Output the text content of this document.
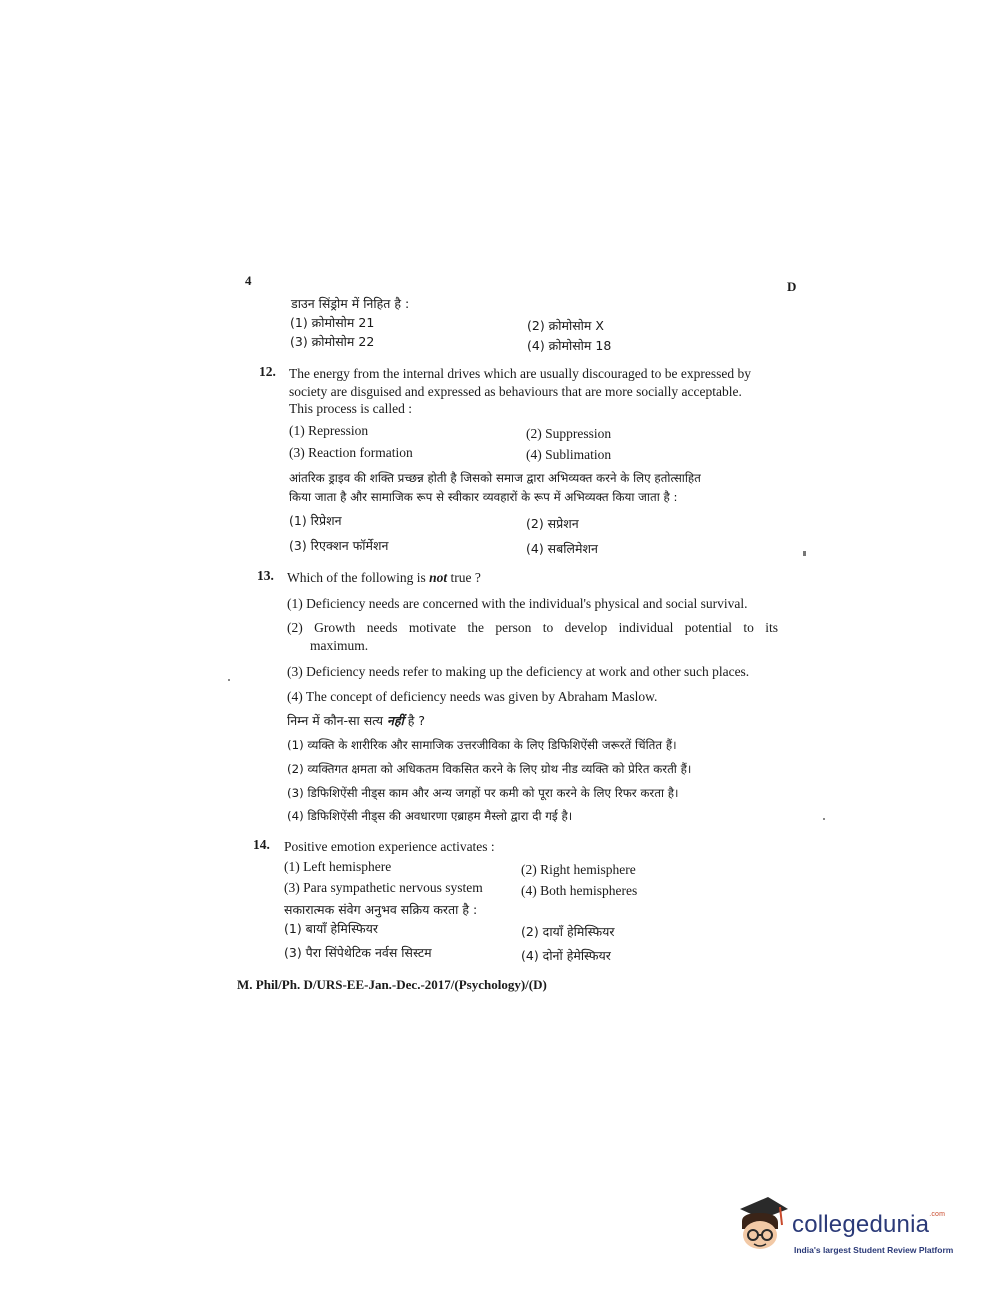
4	D
डाउन सिंड्रोम में निहित है :
(1) क्रोमोसोम 21	(2) क्रोमोसोम X
(3) क्रोमोसोम 22	(4) क्रोमोसोम 18
12. The energy from the internal drives which are usually discouraged to be expressed by
society are disguised and expressed as behaviours that are more socially acceptable.
This process is called :
(1) Repression	(2) Suppression
(3) Reaction formation	(4) Sublimation
आंतरिक ड्राइव की शक्ति प्रच्छन्न होती है जिसको समाज द्वारा अभिव्यक्त करने के लिए हतोत्साहित
किया जाता है और सामाजिक रूप से स्वीकार व्यवहारों के रूप में अभिव्यक्त किया जाता है :
(1) रिप्रेशन	(2) सप्रेशन
(3) रिएक्शन फॉर्मेशन	(4) सबलिमेशन
13. Which of the following is not true ?
(1) Deficiency needs are concerned with the individual's physical and social survival.
(2) Growth needs motivate the person to develop individual potential to its
maximum.
(3) Deficiency needs refer to making up the deficiency at work and other such places.
(4) The concept of deficiency needs was given by Abraham Maslow.
निम्न में कौन-सा सत्य नहीं है ?
(1) व्यक्ति के शारीरिक और सामाजिक उत्तरजीविका के लिए डिफिशिऐंसी जरूरतें चिंतित हैं।
(2) व्यक्तिगत क्षमता को अधिकतम विकसित करने के लिए ग्रोथ नीड व्यक्ति को प्रेरित करती हैं।
(3) डिफिशिऐंसी नीड्स काम और अन्य जगहों पर कमी को पूरा करने के लिए रिफर करता है।
(4) डिफिशिऐंसी नीड्स की अवधारणा एब्राहम मैस्लो द्वारा दी गई है।
14. Positive emotion experience activates :
(1) Left hemisphere	(2) Right hemisphere
(3) Para sympathetic nervous system	(4) Both hemispheres
सकारात्मक संवेग अनुभव सक्रिय करता है :
(1) बायाँ हेमिस्फियर	(2) दायाँ हेमिस्फियर
(3) पैरा सिंपेथेटिक नर्वस सिस्टम	(4) दोनों हेमेस्फियर
M. Phil/Ph. D/URS-EE-Jan.-Dec.-2017/(Psychology)/(D)
collegedunia$^{.com}$
India's largest Student Review Platform
